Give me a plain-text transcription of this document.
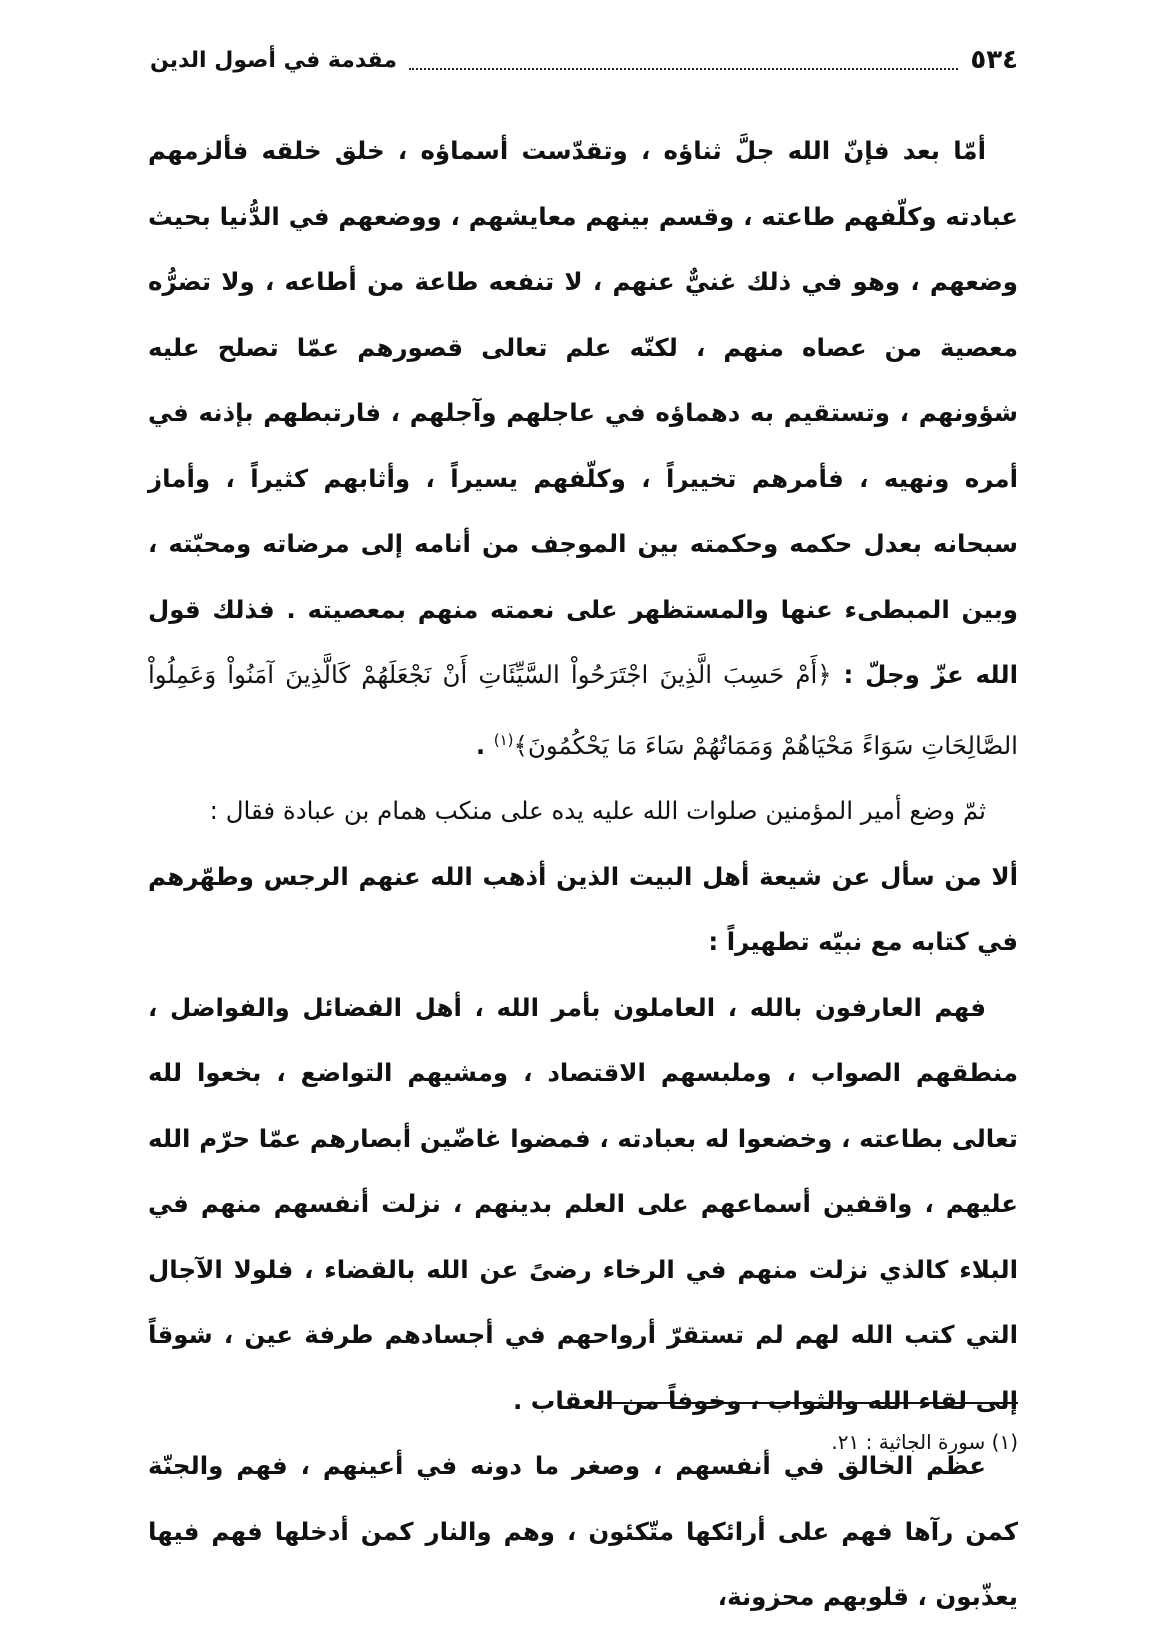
٥٣٤
مقدمة في أصول الدين

أمّا بعد فإنّ الله جلَّ ثناؤه ، وتقدّست أسماؤه ، خلق خلقه فألزمهم عبادته وكلّفهم طاعته ، وقسم بينهم معايشهم ، ووضعهم في الدُّنيا بحيث وضعهم ، وهو في ذلك غنيٌّ عنهم ، لا تنفعه طاعة من أطاعه ، ولا تضرُّه معصية من عصاه منهم ، لكنّه علم تعالى قصورهم عمّا تصلح عليه شؤونهم ، وتستقيم به دهماؤه في عاجلهم وآجلهم ، فارتبطهم بإذنه في أمره ونهيه ، فأمرهم تخييراً ، وكلّفهم يسيراً ، وأثابهم كثيراً ، وأماز سبحانه بعدل حكمه وحكمته بين الموجف من أنامه إلى مرضاته ومحبّته ، وبين المبطىء عنها والمستظهر على نعمته منهم بمعصيته . فذلك قول الله عزّ وجلّ : ﴿أَمْ حَسِبَ الَّذِينَ اجْتَرَحُواْ السَّيِّئَاتِ أَنْ نَجْعَلَهُمْ كَالَّذِينَ آمَنُواْ وَعَمِلُواْ الصَّالِحَاتِ سَوَاءً مَحْيَاهُمْ وَمَمَاتُهُمْ سَاءَ مَا يَحْكُمُونَ﴾$^{(١)}$ .

ثمّ وضع أمير المؤمنين صلوات الله عليه يده على منكب همام بن عبادة فقال :

ألا من سأل عن شيعة أهل البيت الذين أذهب الله عنهم الرجس وطهّرهم في كتابه مع نبيّه تطهيراً :

فهم العارفون بالله ، العاملون بأمر الله ، أهل الفضائل والفواضل ، منطقهم الصواب ، وملبسهم الاقتصاد ، ومشيهم التواضع ، بخعوا لله تعالى بطاعته ، وخضعوا له بعبادته ، فمضوا غاضّين أبصارهم عمّا حرّم الله عليهم ، واقفين أسماعهم على العلم بدينهم ، نزلت أنفسهم منهم في البلاء كالذي نزلت منهم في الرخاء رضىً عن الله بالقضاء ، فلولا الآجال التي كتب الله لهم لم تستقرّ أرواحهم في أجسادهم طرفة عين ، شوقاً إلى لقاء الله والثواب ، وخوفاً من العقاب .

عظم الخالق في أنفسهم ، وصغر ما دونه في أعينهم ، فهم والجنّة كمن رآها فهم على أرائكها متّكئون ، وهم والنار كمن أدخلها فهم فيها يعذّبون ، قلوبهم محزونة،

(١) سورة الجاثية : ٢١.
